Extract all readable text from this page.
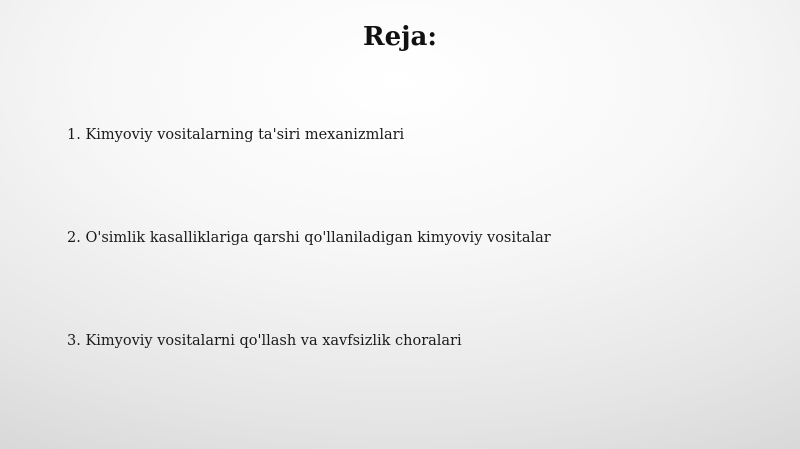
Reja:
1. Kimyoviy vositalarning ta'siri mexanizmlari
2. O'simlik kasalliklariga qarshi qo'llaniladigan kimyoviy vositalar
3. Kimyoviy vositalarni qo'llash va xavfsizlik choralari
